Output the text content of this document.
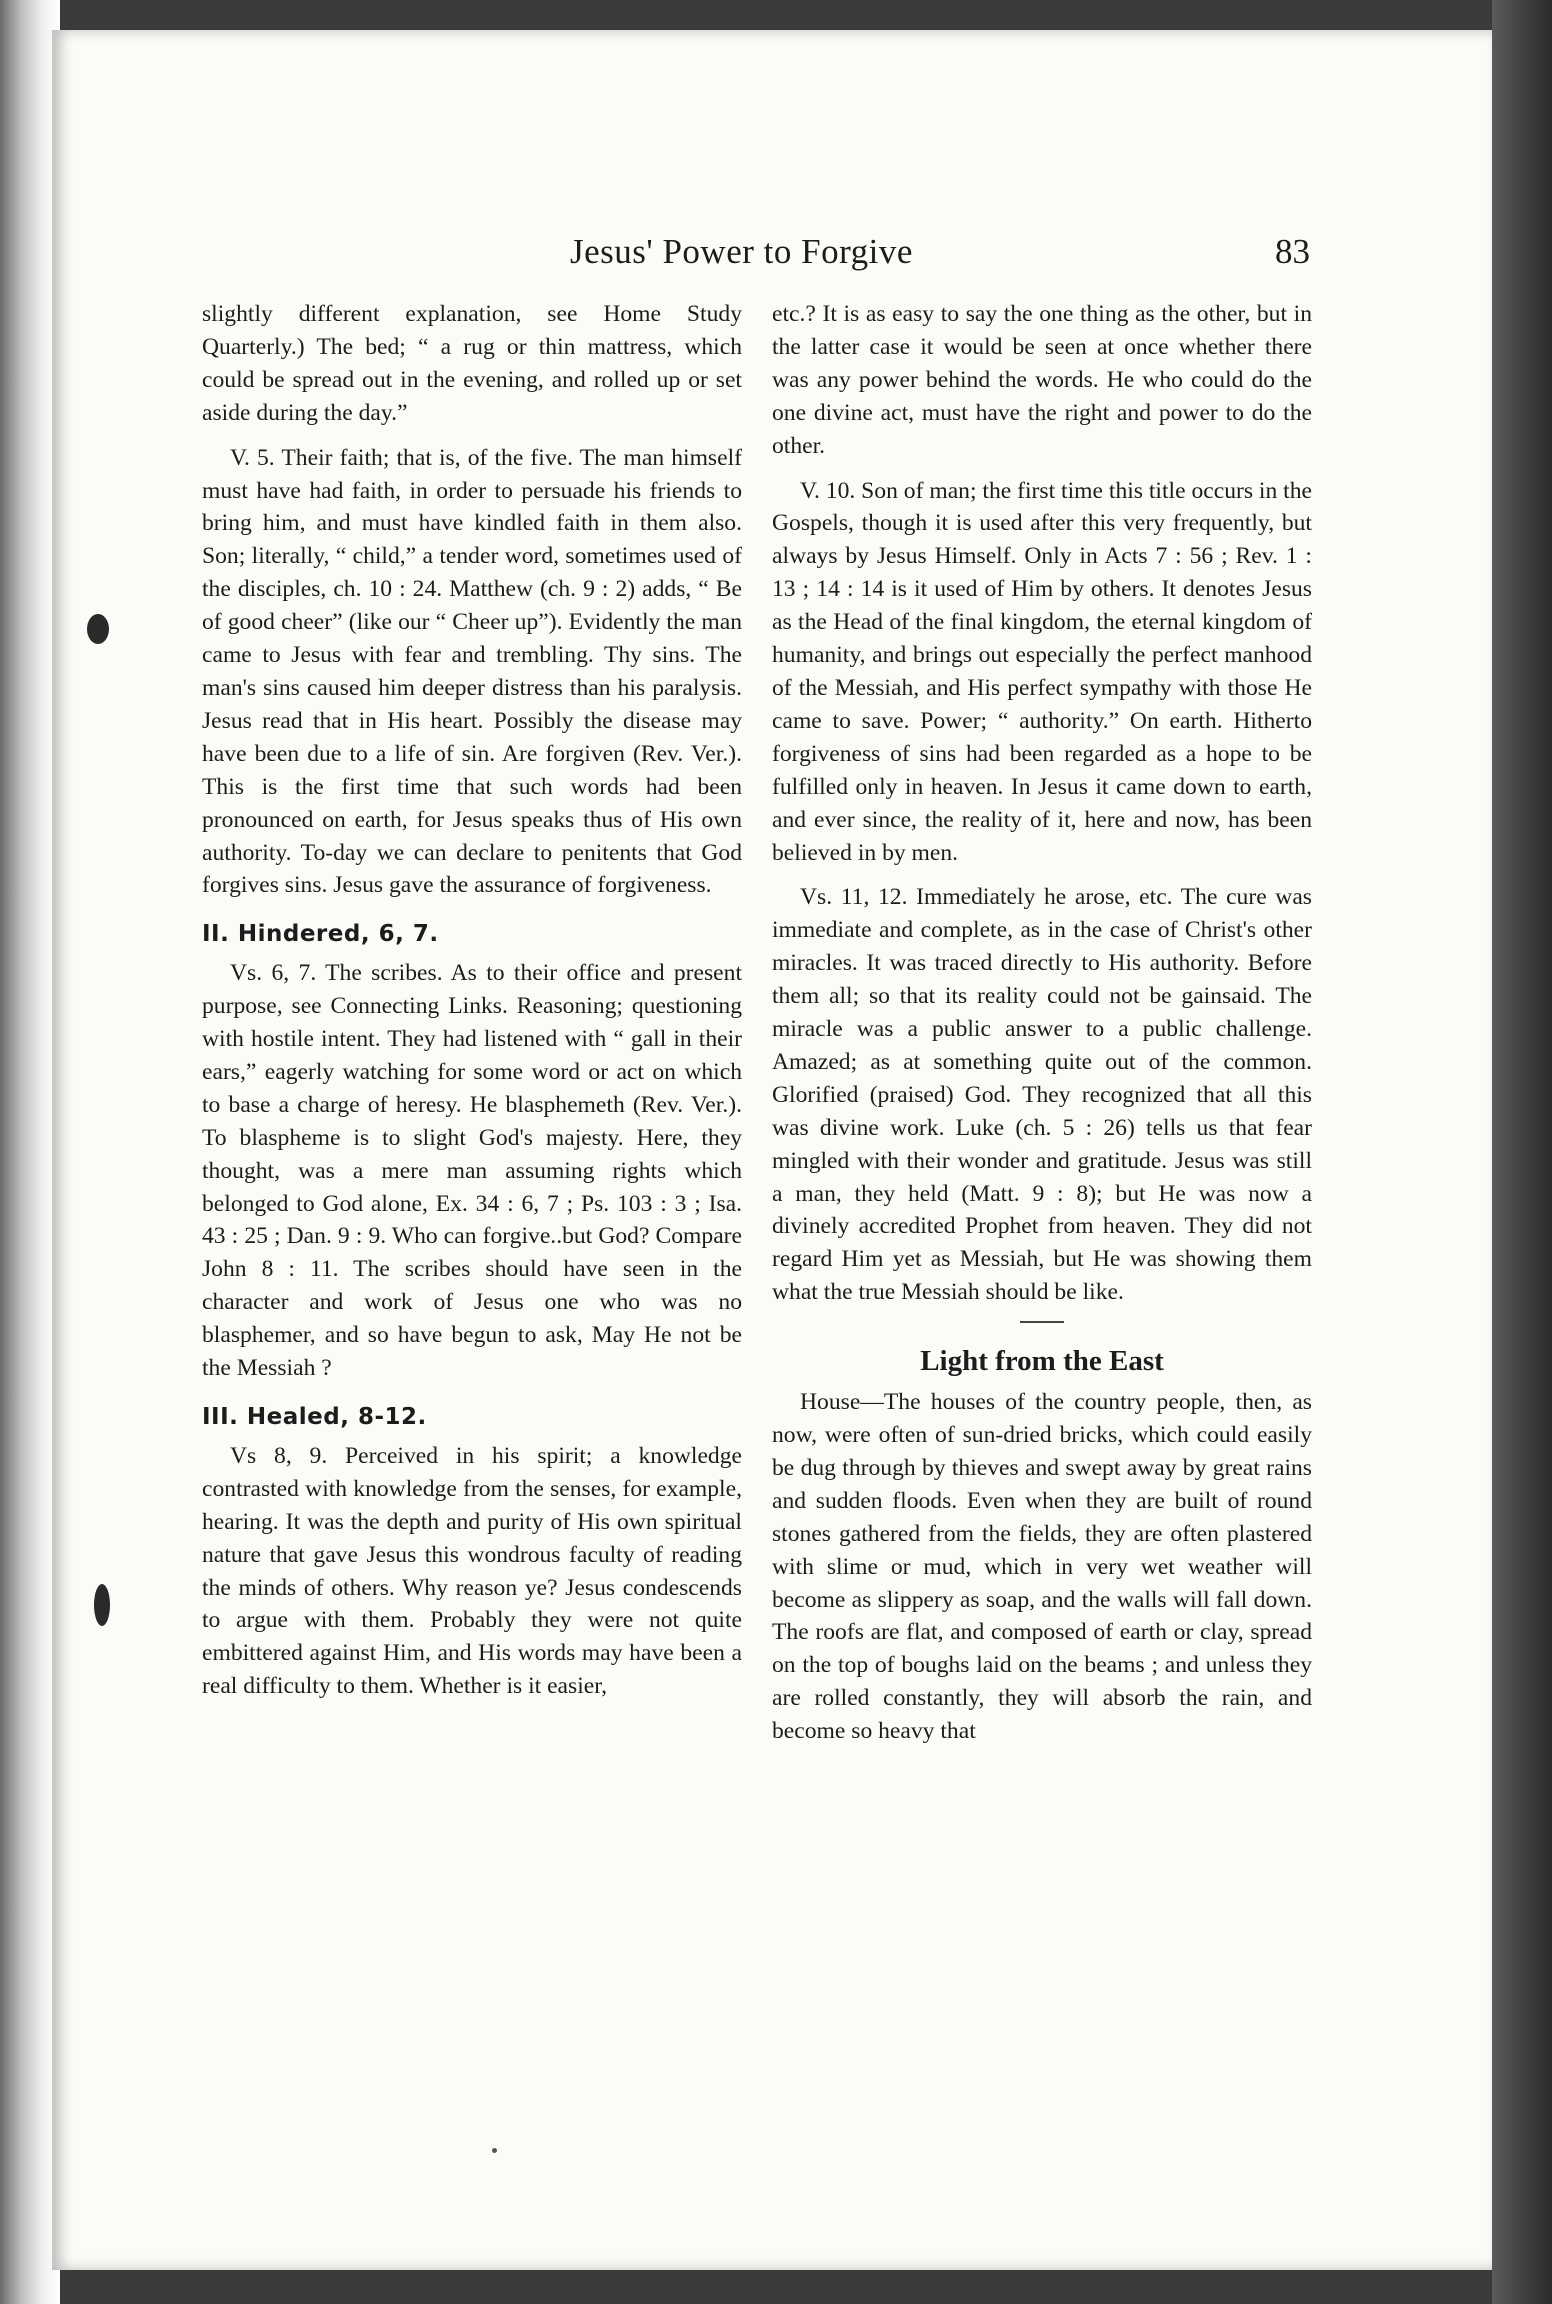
Jesus' Power to Forgive	83

slightly different explanation, see Home Study Quarterly.) The bed; “ a rug or thin mattress, which could be spread out in the evening, and rolled up or set aside during the day.”

V. 5. Their faith; that is, of the five. The man himself must have had faith, in order to persuade his friends to bring him, and must have kindled faith in them also. Son; literally, “ child,” a tender word, sometimes used of the disciples, ch. 10 : 24. Matthew (ch. 9 : 2) adds, “ Be of good cheer” (like our “ Cheer up”). Evidently the man came to Jesus with fear and trembling. Thy sins. The man's sins caused him deeper distress than his paralysis. Jesus read that in His heart. Possibly the disease may have been due to a life of sin. Are forgiven (Rev. Ver.). This is the first time that such words had been pronounced on earth, for Jesus speaks thus of His own authority. To-day we can declare to penitents that God forgives sins. Jesus gave the assurance of forgiveness.

II. Hindered, 6, 7.

Vs. 6, 7. The scribes. As to their office and present purpose, see Connecting Links. Reasoning; questioning with hostile intent. They had listened with “ gall in their ears,” eagerly watching for some word or act on which to base a charge of heresy. He blasphemeth (Rev. Ver.). To blaspheme is to slight God's majesty. Here, they thought, was a mere man assuming rights which belonged to God alone, Ex. 34 : 6, 7 ; Ps. 103 : 3 ; Isa. 43 : 25 ; Dan. 9 : 9. Who can forgive..but God? Compare John 8 : 11. The scribes should have seen in the character and work of Jesus one who was no blasphemer, and so have begun to ask, May He not be the Messiah ?

III. Healed, 8-12.

Vs 8, 9. Perceived in his spirit; a knowledge contrasted with knowledge from the senses, for example, hearing. It was the depth and purity of His own spiritual nature that gave Jesus this wondrous faculty of reading the minds of others. Why reason ye? Jesus condescends to argue with them. Probably they were not quite embittered against Him, and His words may have been a real difficulty to them. Whether is it easier,

etc.? It is as easy to say the one thing as the other, but in the latter case it would be seen at once whether there was any power behind the words. He who could do the one divine act, must have the right and power to do the other.

V. 10. Son of man; the first time this title occurs in the Gospels, though it is used after this very frequently, but always by Jesus Himself. Only in Acts 7 : 56 ; Rev. 1 : 13 ; 14 : 14 is it used of Him by others. It denotes Jesus as the Head of the final kingdom, the eternal kingdom of humanity, and brings out especially the perfect manhood of the Messiah, and His perfect sympathy with those He came to save. Power; “ authority.” On earth. Hitherto forgiveness of sins had been regarded as a hope to be fulfilled only in heaven. In Jesus it came down to earth, and ever since, the reality of it, here and now, has been believed in by men.

Vs. 11, 12. Immediately he arose, etc. The cure was immediate and complete, as in the case of Christ's other miracles. It was traced directly to His authority. Before them all; so that its reality could not be gainsaid. The miracle was a public answer to a public challenge. Amazed; as at something quite out of the common. Glorified (praised) God. They recognized that all this was divine work. Luke (ch. 5 : 26) tells us that fear mingled with their wonder and gratitude. Jesus was still a man, they held (Matt. 9 : 8); but He was now a divinely accredited Prophet from heaven. They did not regard Him yet as Messiah, but He was showing them what the true Messiah should be like.

Light from the East

House—The houses of the country people, then, as now, were often of sun-dried bricks, which could easily be dug through by thieves and swept away by great rains and sudden floods. Even when they are built of round stones gathered from the fields, they are often plastered with slime or mud, which in very wet weather will become as slippery as soap, and the walls will fall down. The roofs are flat, and composed of earth or clay, spread on the top of boughs laid on the beams ; and unless they are rolled constantly, they will absorb the rain, and become so heavy that
